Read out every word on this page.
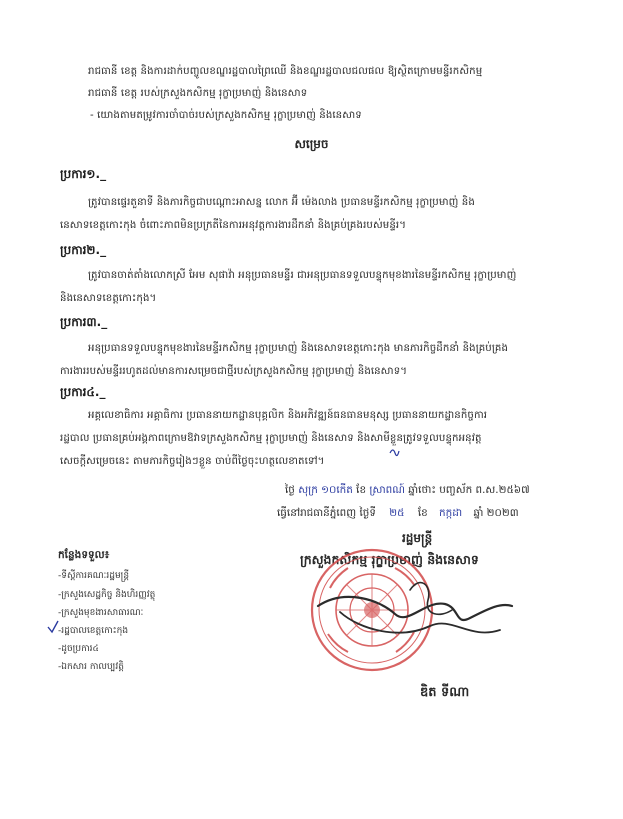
រាជធានី ខេត្ត និងការដាក់បញ្ចូលខណ្ឌរដ្ឋបាលព្រៃឈើ និងខណ្ឌរដ្ឋបាលជលផល ឱ្យស្ថិតក្រោមមន្ទីរកសិកម្ម
រាជធានី ខេត្ត របស់ក្រសួងកសិកម្ម រុក្ខាប្រមាញ់ និងនេសាទ
- យោងតាមតម្រូវការចាំបាច់របស់ក្រសួងកសិកម្ម រុក្ខាប្រមាញ់ និងនេសាទ
សម្រេច
ប្រការ១._
ត្រូវបានផ្ទេរតួនាទី និងភារកិច្ចជាបណ្ដោះអាសន្ន លោក អ៊ី ម៉េងលាង ប្រធានមន្ទីរកសិកម្ម រុក្ខាប្រមាញ់ និង
នេសាទខេត្តកោះកុង ចំពោះភាពមិនប្រក្រតីនៃការអនុវត្តការងារដឹកនាំ និងគ្រប់គ្រងរបស់មន្ទីរ។
ប្រការ២._
ត្រូវបានចាត់តាំងលោកស្រី អែម សុផាវ៉ា អនុប្រធានមន្ទីរ ជាអនុប្រធានទទួលបន្ទុកមុខងារនៃមន្ទីរកសិកម្ម រុក្ខាប្រមាញ់
និងនេសាទខេត្តកោះកុង។
ប្រការ៣._
អនុប្រធានទទួលបន្ទុកមុខងារនៃមន្ទីរកសិកម្ម រុក្ខាប្រមាញ់ និងនេសាទខេត្តកោះកុង មានភារកិច្ចដឹកនាំ និងគ្រប់គ្រង
ការងាររបស់មន្ទីររហូតដល់មានការសម្រេចជាថ្មីរបស់ក្រសួងកសិកម្ម រុក្ខាប្រមាញ់ និងនេសាទ។
ប្រការ៤._
អគ្គលេខាធិការ អគ្គាធិការ ប្រធាននាយកដ្ឋានបុគ្គលិក និងអភិវឌ្ឍន៍ធនធានមនុស្ស ប្រធាននាយកដ្ឋានកិច្ចការ
រដ្ឋបាល ប្រធានគ្រប់អង្គភាពក្រោមឱវាទក្រសួងកសិកម្ម រុក្ខាប្រមាញ់ និងនេសាទ និងសាមីខ្លួនត្រូវទទួលបន្ទុកអនុវត្ត
សេចក្ដីសម្រេចនេះ តាមភារកិច្ចរៀងៗខ្លួន ចាប់ពីថ្ងៃចុះហត្ថលេខាតទៅ។
ថ្ងៃ សុក្រ ១០កើត ខែ ស្រាពណ៍ ឆ្នាំថោះ បញ្ចស័ក ព.ស.២៥៦៧
ធ្វើនៅរាជធានីភ្នំពេញ ថ្ងៃទី ២៥ ខែ កក្កដា ឆ្នាំ ២០២៣
រដ្ឋមន្ត្រី
ក្រសួងកសិកម្ម រុក្ខាប្រមាញ់ និងនេសាទ
ឌិត ទីណា
កន្លែងទទួល៖
-ទីស្តីការគណៈរដ្ឋមន្ត្រី
-ក្រសួងសេដ្ឋកិច្ច និងហិរញ្ញវត្ថុ
-ក្រសួងមុខងារសាធារណៈ
-រដ្ឋបាលខេត្តកោះកុង
-ដូចប្រការ៤
-ឯកសារ កាលប្បវត្តិ
